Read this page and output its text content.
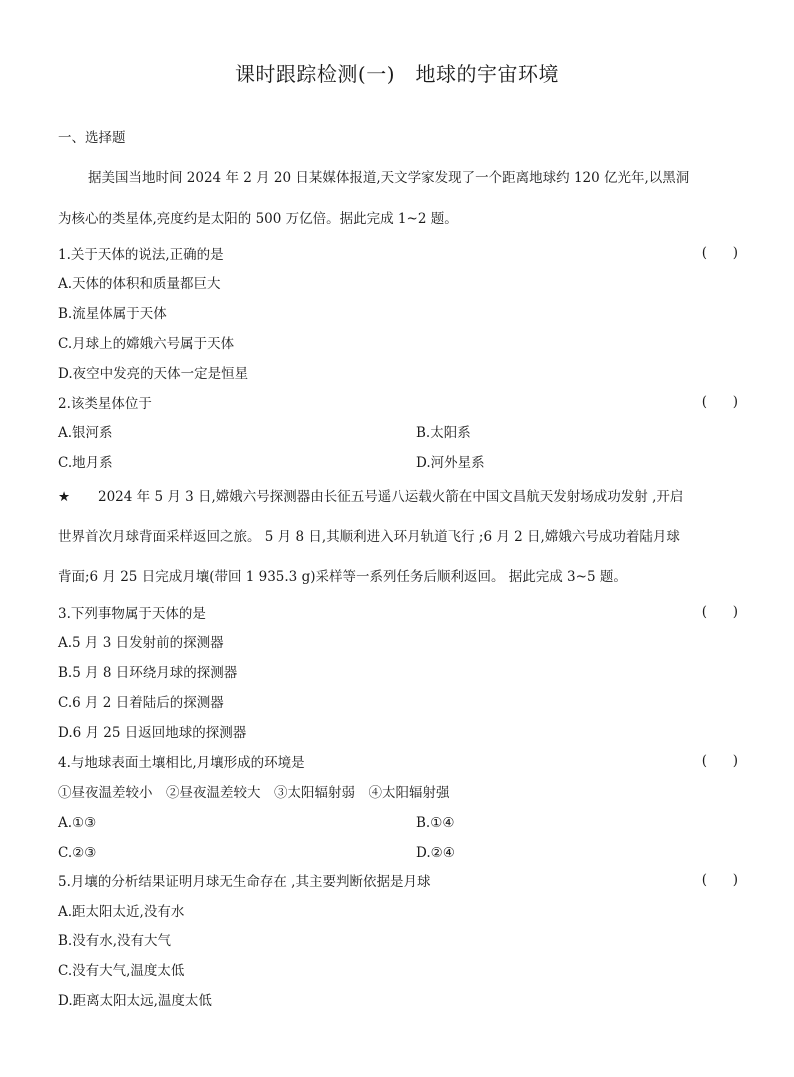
课时跟踪检测(一)　地球的宇宙环境
一、选择题
据美国当地时间 2024 年 2 月 20 日某媒体报道,天文学家发现了一个距离地球约 120 亿光年,以黑洞
为核心的类星体,亮度约是太阳的 500 万亿倍。据此完成 1~2 题。
1.关于天体的说法,正确的是	(      )
A.天体的体积和质量都巨大
B.流星体属于天体
C.月球上的嫦娥六号属于天体
D.夜空中发亮的天体一定是恒星
2.该类星体位于	(      )
A.银河系	B.太阳系
C.地月系	D.河外星系
★ 2024 年 5 月 3 日,嫦娥六号探测器由长征五号遥八运载火箭在中国文昌航天发射场成功发射 ,开启
世界首次月球背面采样返回之旅。 5 月 8 日,其顺利进入环月轨道飞行 ;6 月 2 日,嫦娥六号成功着陆月球
背面;6 月 25 日完成月壤(带回 1 935.3 g)采样等一系列任务后顺利返回。 据此完成 3~5 题。
3.下列事物属于天体的是	(      )
A.5 月 3 日发射前的探测器
B.5 月 8 日环绕月球的探测器
C.6 月 2 日着陆后的探测器
D.6 月 25 日返回地球的探测器
4.与地球表面土壤相比,月壤形成的环境是	(      )
①昼夜温差较小　②昼夜温差较大　③太阳辐射弱　④太阳辐射强
A.①③	B.①④
C.②③	D.②④
5.月壤的分析结果证明月球无生命存在 ,其主要判断依据是月球	(      )
A.距太阳太近,没有水
B.没有水,没有大气
C.没有大气,温度太低
D.距离太阳太远,温度太低
